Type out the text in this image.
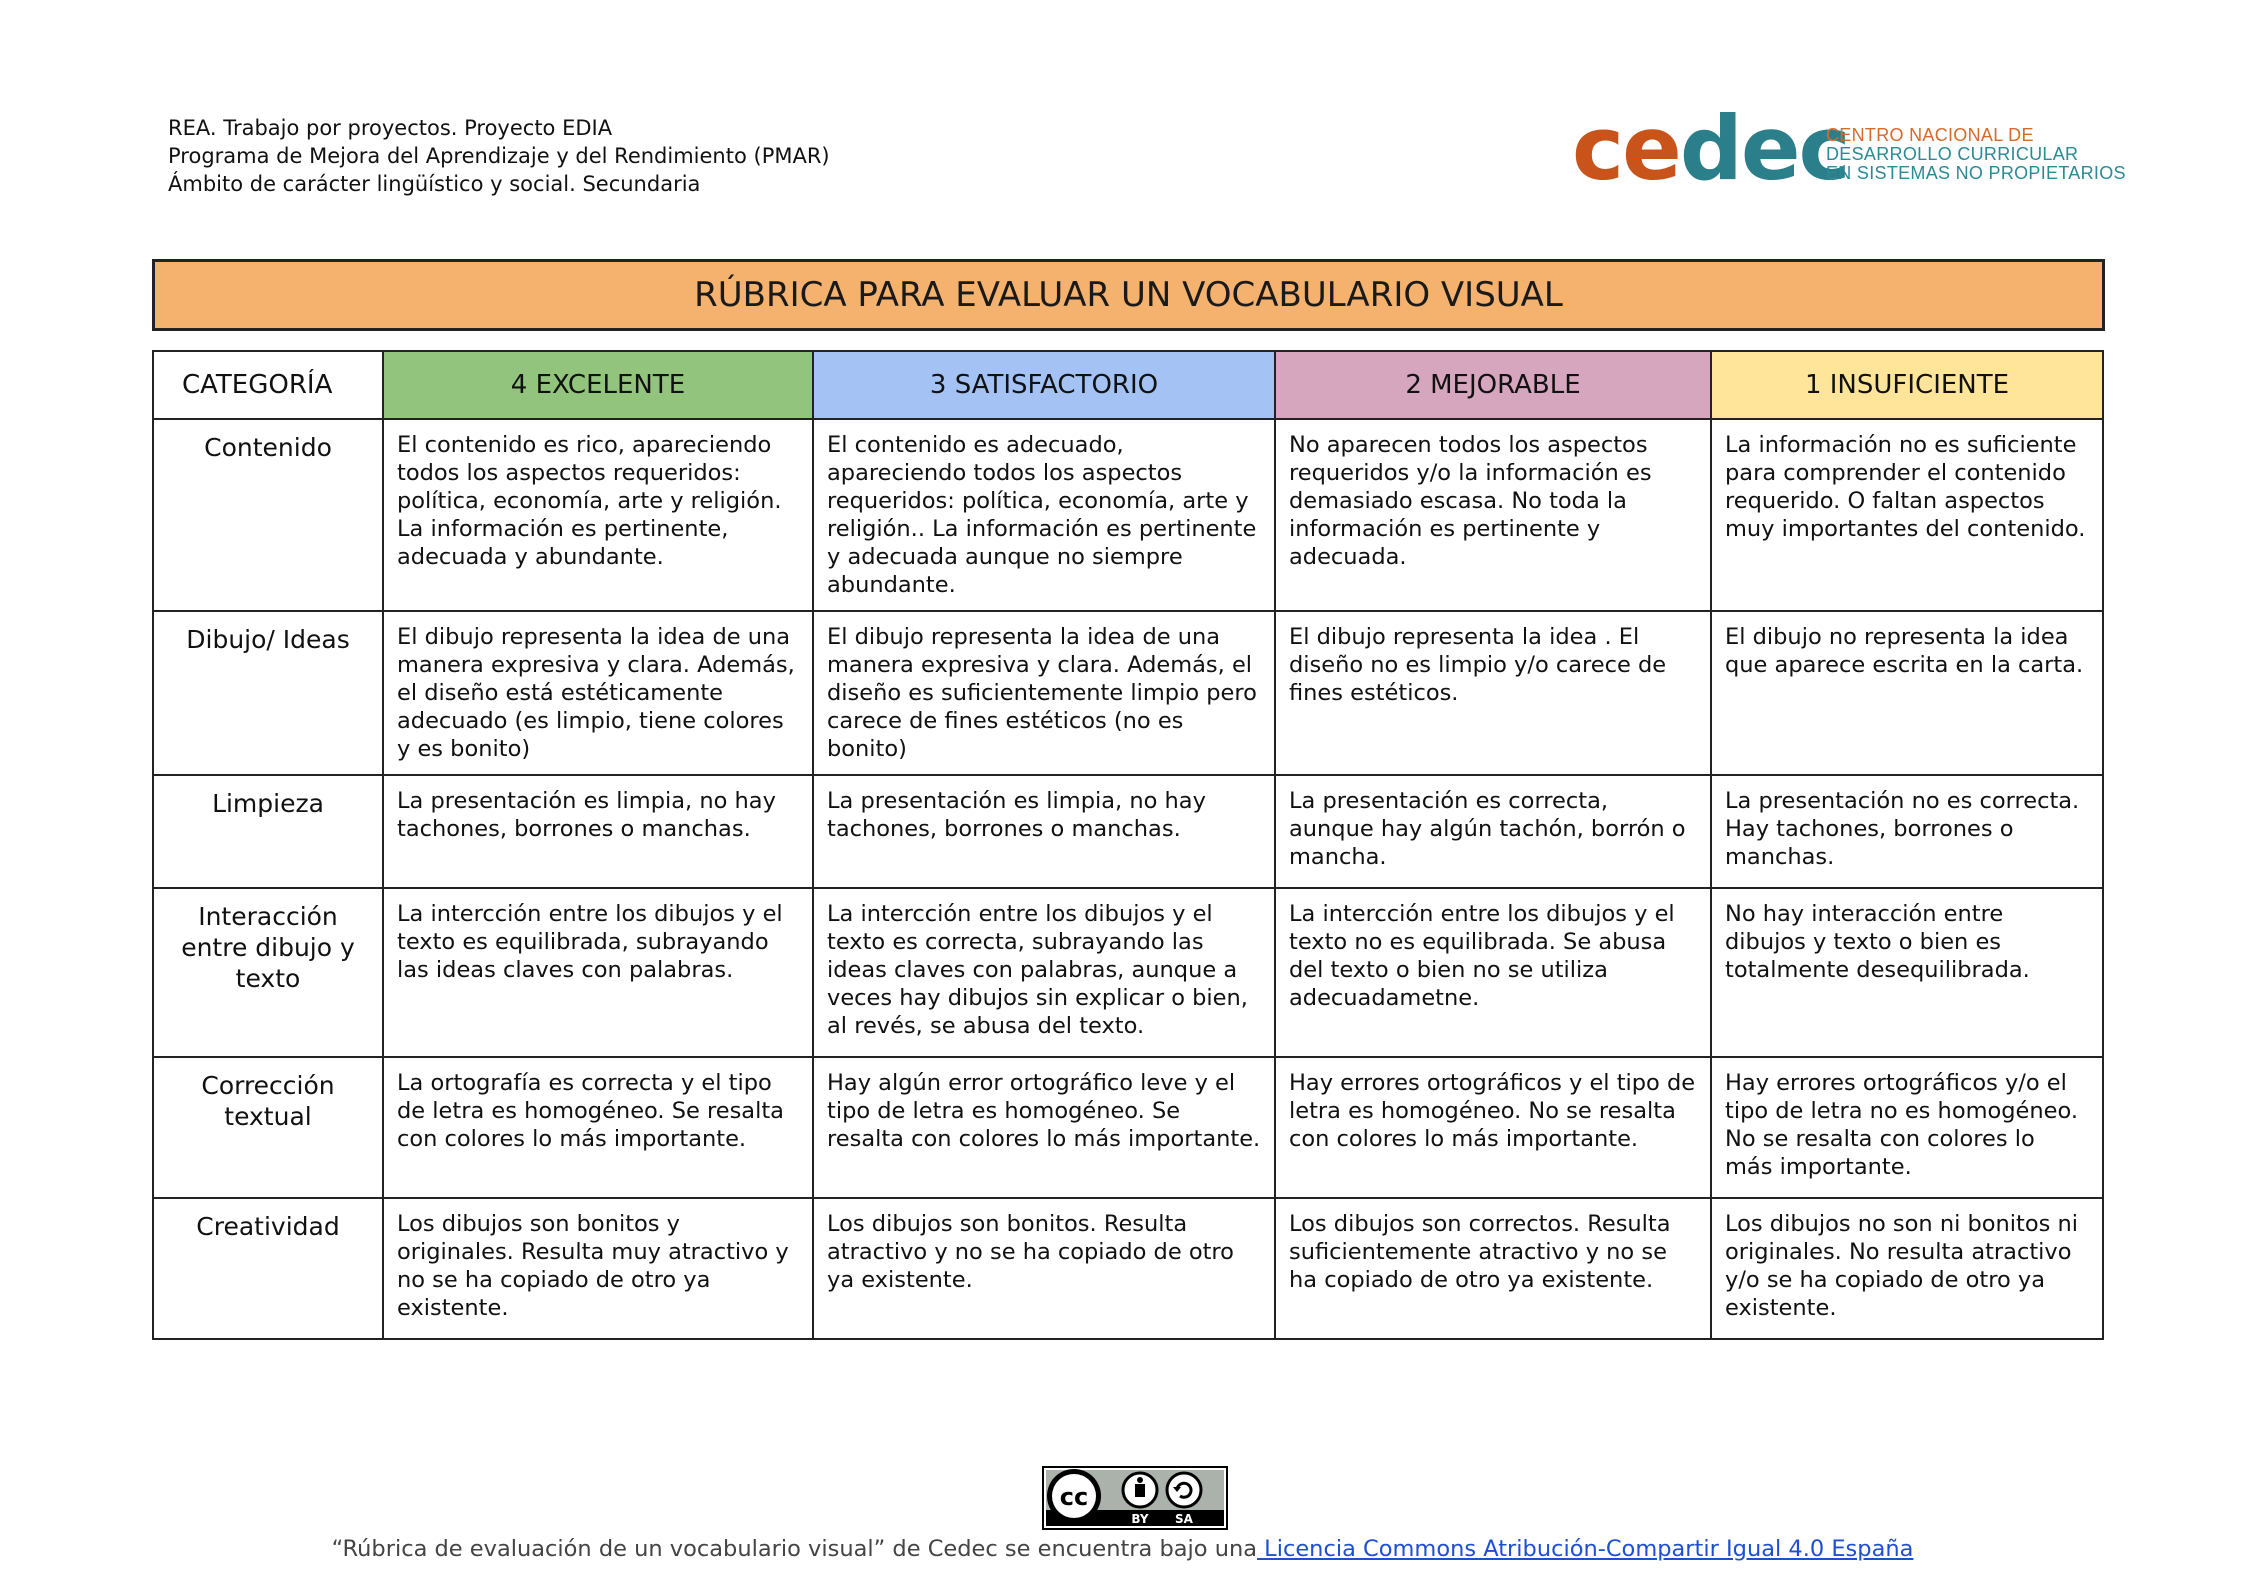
REA. Trabajo por proyectos. Proyecto EDIA
Programa de Mejora del Aprendizaje y del Rendimiento (PMAR)
Ámbito de carácter lingüístico y social. Secundaria	cedec
CENTRO NACIONAL DE
DESARROLLO CURRICULAR
EN SISTEMAS NO PROPIETARIOS
RÚBRICA PARA EVALUAR UN VOCABULARIO VISUAL
CATEGORÍA	4 EXCELENTE	3 SATISFACTORIO	2 MEJORABLE	1 INSUFICIENTE
Contenido	El contenido es rico, apareciendo todos los aspectos requeridos: política, economía, arte y religión. La información es pertinente, adecuada y abundante.	El contenido es adecuado, apareciendo todos los aspectos requeridos: política, economía, arte y religión.. La información es pertinente y adecuada aunque no siempre abundante.	No aparecen todos los aspectos requeridos y/o la información es demasiado escasa. No toda la información es pertinente y adecuada.	La información no es suficiente para comprender el contenido requerido. O faltan aspectos muy importantes del contenido.
Dibujo/ Ideas	El dibujo representa la idea de una manera expresiva y clara. Además, el diseño está estéticamente adecuado (es limpio, tiene colores y es bonito)	El dibujo representa la idea de una manera expresiva y clara. Además, el diseño es suficientemente limpio pero carece de fines estéticos (no es bonito)	El dibujo representa la idea . El diseño no es limpio y/o carece de fines estéticos.	El dibujo no representa la idea que aparece escrita en la carta.
Limpieza	La presentación es limpia, no hay tachones, borrones o manchas.	La presentación es limpia, no hay tachones, borrones o manchas.	La presentación es correcta, aunque hay algún tachón, borrón o mancha.	La presentación no es correcta. Hay tachones, borrones o manchas.
Interacción entre dibujo y texto	La intercción entre los dibujos y el texto es equilibrada, subrayando las ideas claves con palabras.	La intercción entre los dibujos y el texto es correcta, subrayando las ideas claves con palabras, aunque a veces hay dibujos sin explicar o bien, al revés, se abusa del texto.	La intercción entre los dibujos y el texto no es equilibrada. Se abusa del texto o bien no se utiliza adecuadametne.	No hay interacción entre dibujos y texto o bien es totalmente desequilibrada.
Corrección textual	La ortografía es correcta y el tipo de letra es homogéneo. Se resalta con colores lo más importante.	Hay algún error ortográfico leve y el tipo de letra es homogéneo. Se resalta con colores lo más importante.	Hay errores ortográficos y el tipo de letra es homogéneo. No se resalta con colores lo más importante.	Hay errores ortográficos y/o el tipo de letra no es homogéneo. No se resalta con colores lo más importante.
Creatividad	Los dibujos son bonitos y originales. Resulta muy atractivo y no se ha copiado de otro ya existente.	Los dibujos son bonitos. Resulta atractivo y no se ha copiado de otro ya existente.	Los dibujos son correctos. Resulta suficientemente atractivo y no se ha copiado de otro ya existente.	Los dibujos no son ni bonitos ni originales. No resulta atractivo y/o se ha copiado de otro ya existente.
cc
BY SA
“Rúbrica de evaluación de un vocabulario visual” de Cedec se encuentra bajo una Licencia Commons Atribución-Compartir Igual 4.0 España
